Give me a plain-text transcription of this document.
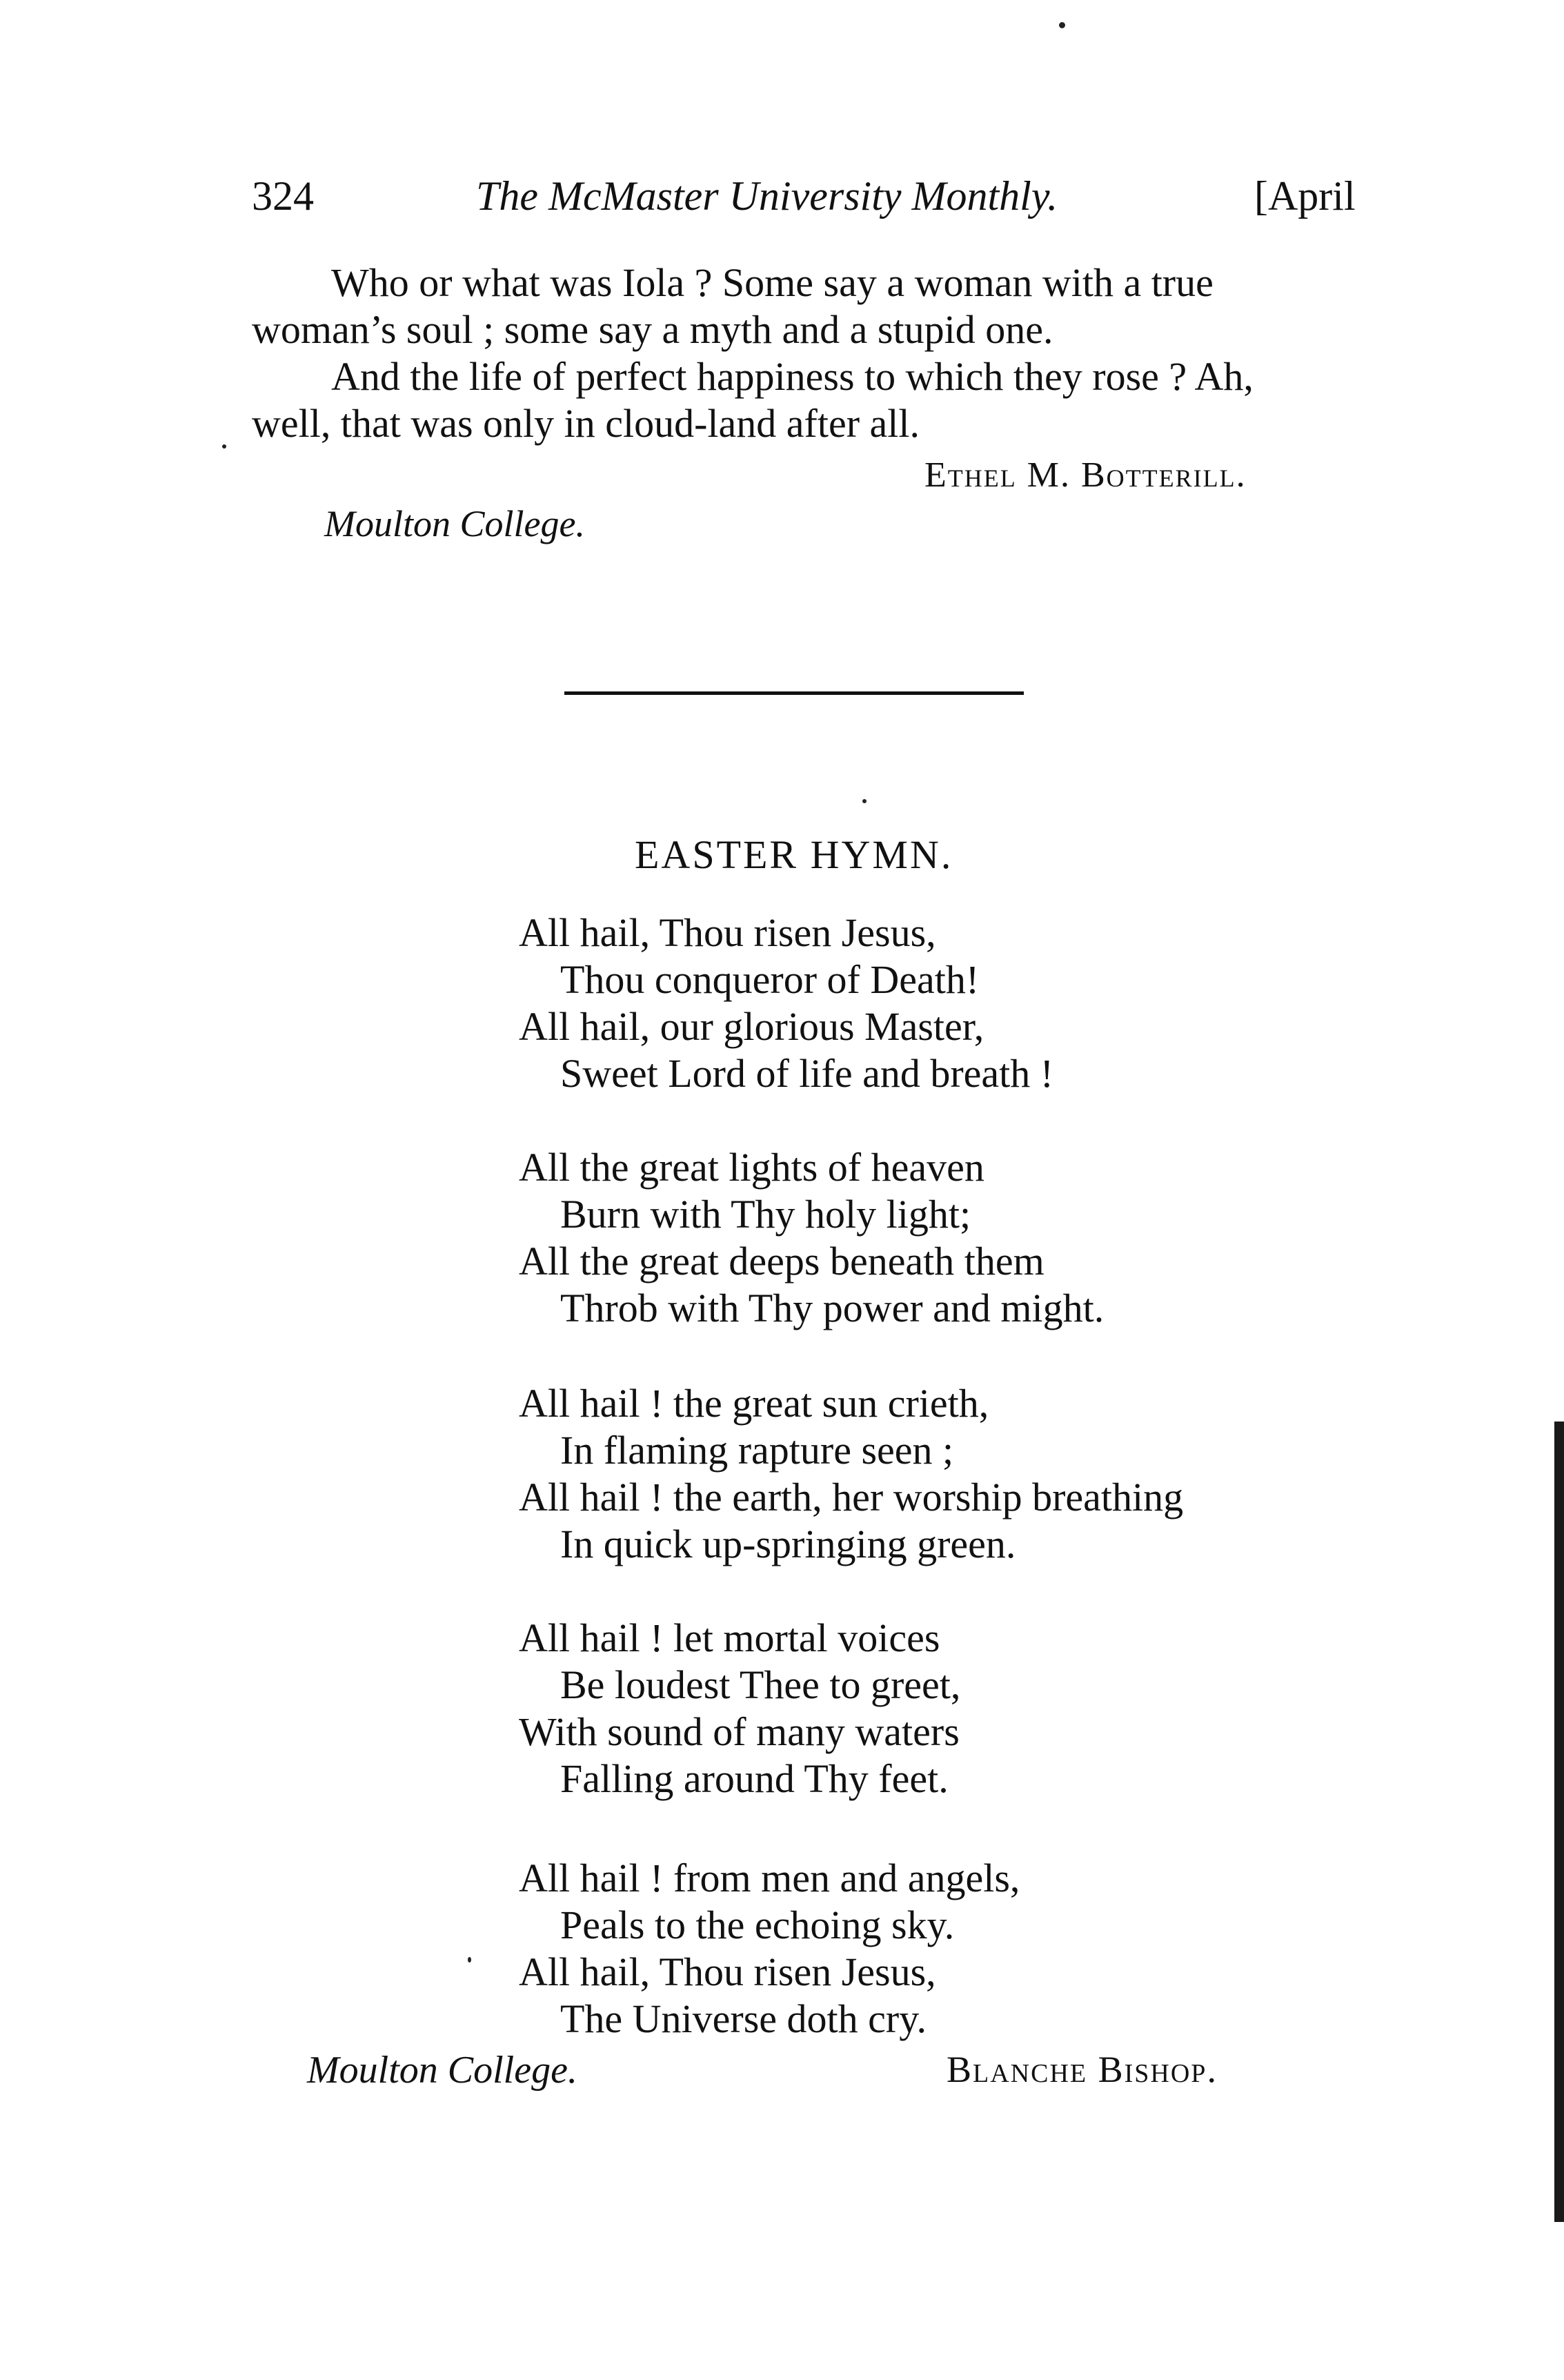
324	The McMaster University Monthly.	[April
Who or what was Iola ? Some say a woman with a true
woman’s soul ; some say a myth and a stupid one.
And the life of perfect happiness to which they rose ? Ah,
well, that was only in cloud-land after all.
Ethel M. Botterill.
Moulton College.
EASTER HYMN.
All hail, Thou risen Jesus,
Thou conqueror of Death!
All hail, our glorious Master,
Sweet Lord of life and breath !
All the great lights of heaven
Burn with Thy holy light;
All the great deeps beneath them
Throb with Thy power and might.
All hail ! the great sun crieth,
In flaming rapture seen ;
All hail ! the earth, her worship breathing
In quick up-springing green.
All hail ! let mortal voices
Be loudest Thee to greet,
With sound of many waters
Falling around Thy feet.
All hail ! from men and angels,
Peals to the echoing sky.
All hail, Thou risen Jesus,
The Universe doth cry.
Moulton College.	Blanche Bishop.
